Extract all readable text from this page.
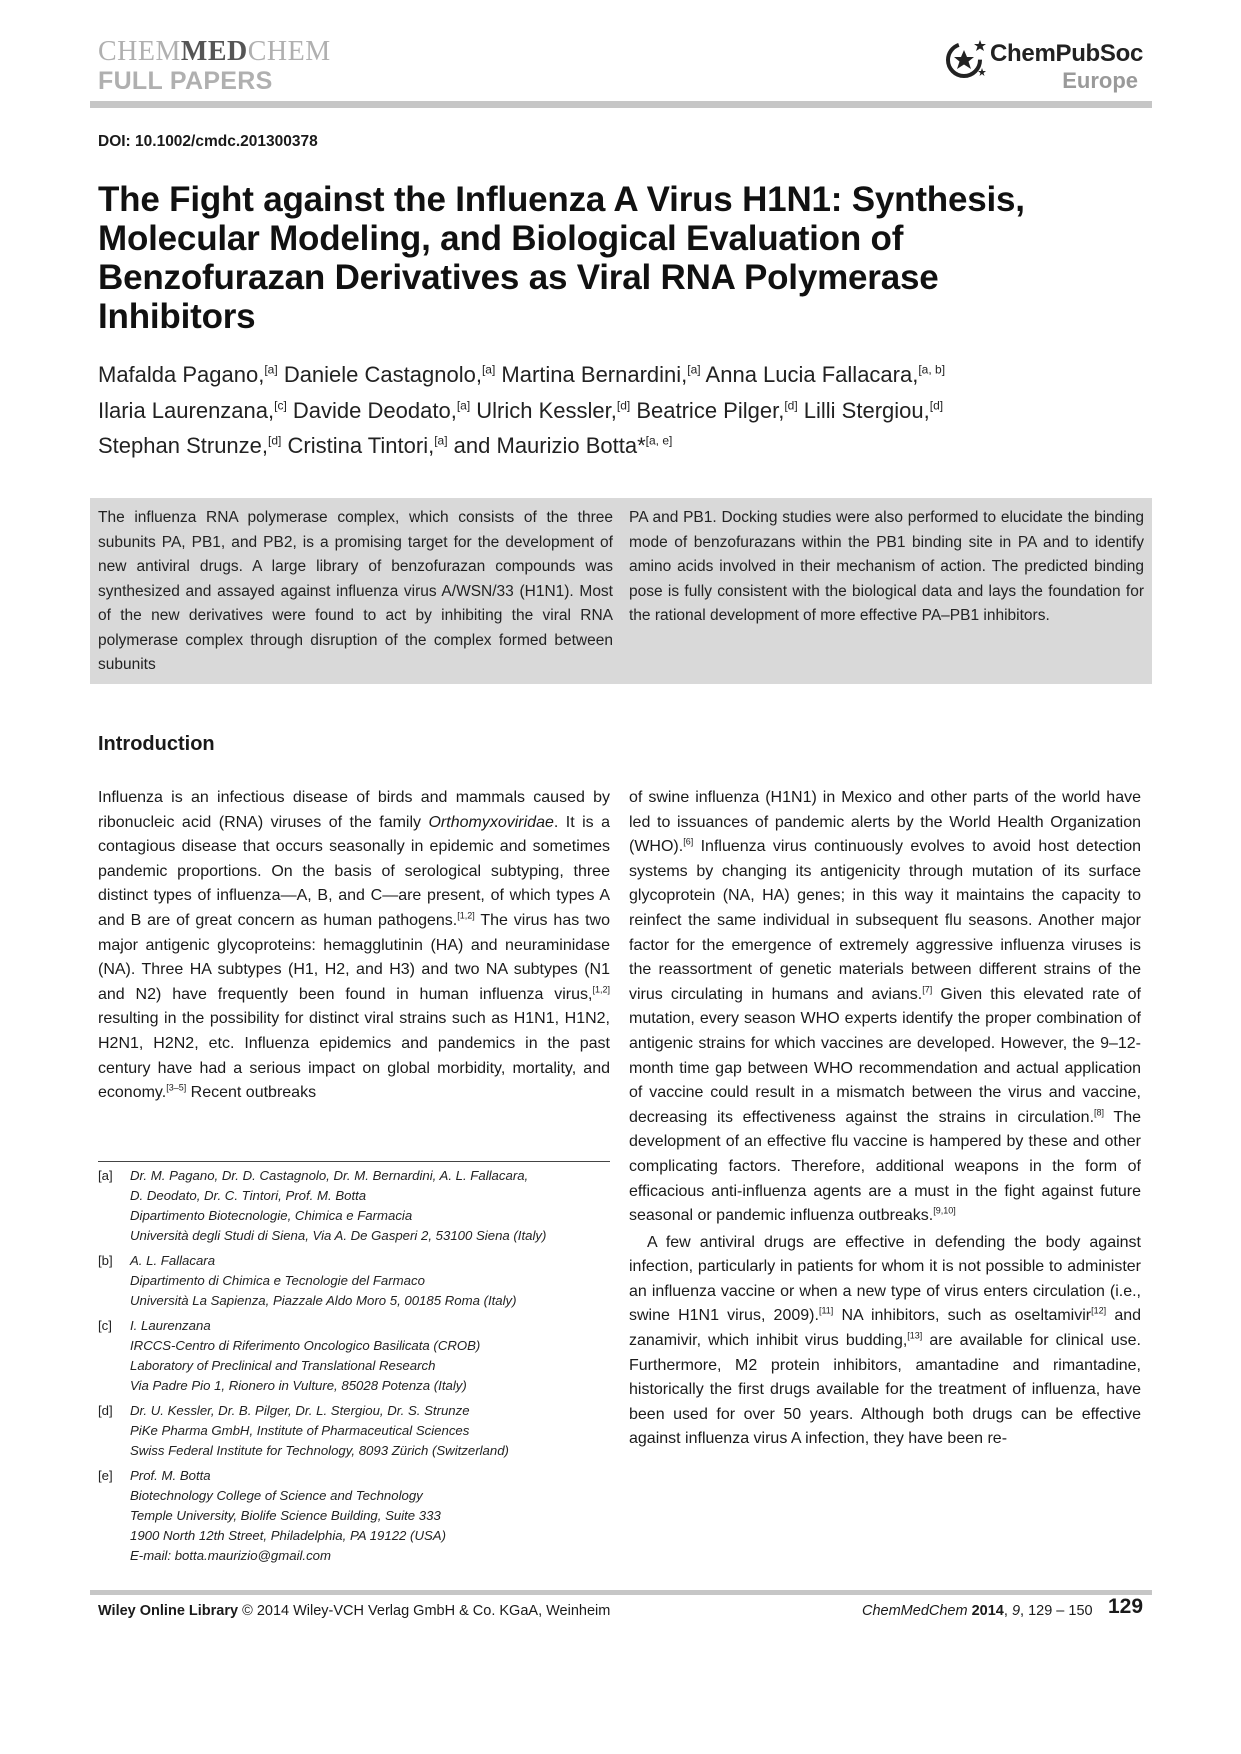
CHEMMEDCHEM
FULL PAPERS
ChemPubSoc
Europe
DOI: 10.1002/cmdc.201300378
The Fight against the Influenza A Virus H1N1: Synthesis,
Molecular Modeling, and Biological Evaluation of
Benzofurazan Derivatives as Viral RNA Polymerase
Inhibitors
Mafalda Pagano,[a] Daniele Castagnolo,[a] Martina Bernardini,[a] Anna Lucia Fallacara,[a, b]
Ilaria Laurenzana,[c] Davide Deodato,[a] Ulrich Kessler,[d] Beatrice Pilger,[d] Lilli Stergiou,[d]
Stephan Strunze,[d] Cristina Tintori,[a] and Maurizio Botta*[a, e]
The influenza RNA polymerase complex, which consists of the three subunits PA, PB1, and PB2, is a promising target for the development of new antiviral drugs. A large library of benzofurazan compounds was synthesized and assayed against influenza virus A/WSN/33 (H1N1). Most of the new derivatives were found to act by inhibiting the viral RNA polymerase complex through disruption of the complex formed between subunits
PA and PB1. Docking studies were also performed to elucidate the binding mode of benzofurazans within the PB1 binding site in PA and to identify amino acids involved in their mechanism of action. The predicted binding pose is fully consistent with the biological data and lays the foundation for the rational development of more effective PA–PB1 inhibitors.
Introduction

Influenza is an infectious disease of birds and mammals caused by ribonucleic acid (RNA) viruses of the family Orthomyxoviridae. It is a contagious disease that occurs seasonally in epidemic and sometimes pandemic proportions. On the basis of serological subtyping, three distinct types of influenza—A, B, and C—are present, of which types A and B are of great concern as human pathogens.[1,2] The virus has two major antigenic glycoproteins: hemagglutinin (HA) and neuraminidase (NA). Three HA subtypes (H1, H2, and H3) and two NA subtypes (N1 and N2) have frequently been found in human influenza virus,[1,2] resulting in the possibility for distinct viral strains such as H1N1, H1N2, H2N1, H2N2, etc. Influenza epidemics and pandemics in the past century have had a serious impact on global morbidity, mortality, and economy.[3–5] Recent outbreaks

[a]	Dr. M. Pagano, Dr. D. Castagnolo, Dr. M. Bernardini, A. L. Fallacara,
D. Deodato, Dr. C. Tintori, Prof. M. Botta
Dipartimento Biotecnologie, Chimica e Farmacia
Università degli Studi di Siena, Via A. De Gasperi 2, 53100 Siena (Italy)
[b]	A. L. Fallacara
Dipartimento di Chimica e Tecnologie del Farmaco
Università La Sapienza, Piazzale Aldo Moro 5, 00185 Roma (Italy)
[c]	I. Laurenzana
IRCCS-Centro di Riferimento Oncologico Basilicata (CROB)
Laboratory of Preclinical and Translational Research
Via Padre Pio 1, Rionero in Vulture, 85028 Potenza (Italy)
[d]	Dr. U. Kessler, Dr. B. Pilger, Dr. L. Stergiou, Dr. S. Strunze
PiKe Pharma GmbH, Institute of Pharmaceutical Sciences
Swiss Federal Institute for Technology, 8093 Zürich (Switzerland)
[e]	Prof. M. Botta
Biotechnology College of Science and Technology
Temple University, Biolife Science Building, Suite 333
1900 North 12th Street, Philadelphia, PA 19122 (USA)
E-mail: botta.maurizio@gmail.com

of swine influenza (H1N1) in Mexico and other parts of the world have led to issuances of pandemic alerts by the World Health Organization (WHO).[6] Influenza virus continuously evolves to avoid host detection systems by changing its antigenicity through mutation of its surface glycoprotein (NA, HA) genes; in this way it maintains the capacity to reinfect the same individual in subsequent flu seasons. Another major factor for the emergence of extremely aggressive influenza viruses is the reassortment of genetic materials between different strains of the virus circulating in humans and avians.[7] Given this elevated rate of mutation, every season WHO experts identify the proper combination of antigenic strains for which vaccines are developed. However, the 9–12-month time gap between WHO recommendation and actual application of vaccine could result in a mismatch between the virus and vaccine, decreasing its effectiveness against the strains in circulation.[8] The development of an effective flu vaccine is hampered by these and other complicating factors. Therefore, additional weapons in the form of efficacious anti-influenza agents are a must in the fight against future seasonal or pandemic influenza outbreaks.[9,10]

A few antiviral drugs are effective in defending the body against infection, particularly in patients for whom it is not possible to administer an influenza vaccine or when a new type of virus enters circulation (i.e., swine H1N1 virus, 2009).[11] NA inhibitors, such as oseltamivir[12] and zanamivir, which inhibit virus budding,[13] are available for clinical use. Furthermore, M2 protein inhibitors, amantadine and rimantadine, historically the first drugs available for the treatment of influenza, have been used for over 50 years. Although both drugs can be effective against influenza virus A infection, they have been re-

Wiley Online Library © 2014 Wiley-VCH Verlag GmbH & Co. KGaA, Weinheim	ChemMedChem 2014, 9, 129 – 150 129
